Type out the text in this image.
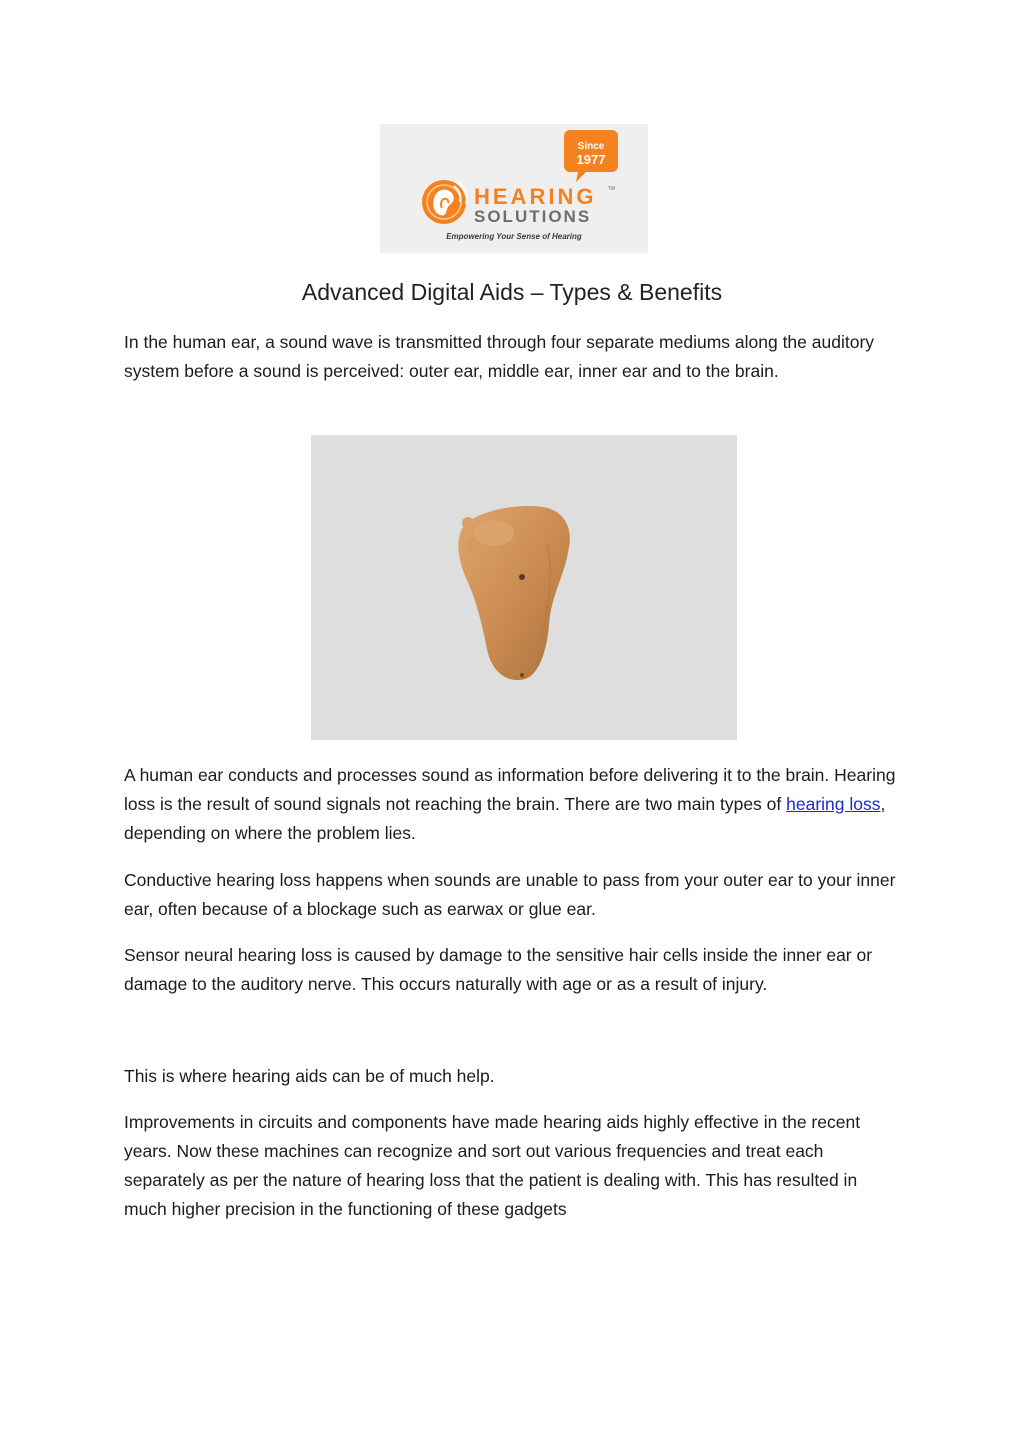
Since
1977
HEARING TM
SOLUTIONS
Empowering Your Sense of Hearing
Advanced Digital Aids – Types & Benefits

In the human ear, a sound wave is transmitted through four separate mediums along the auditory system before a sound is perceived: outer ear, middle ear, inner ear and to the brain.

A human ear conducts and processes sound as information before delivering it to the brain. Hearing loss is the result of sound signals not reaching the brain. There are two main types of hearing loss, depending on where the problem lies.

Conductive hearing loss happens when sounds are unable to pass from your outer ear to your inner ear, often because of a blockage such as earwax or glue ear.

Sensor neural hearing loss is caused by damage to the sensitive hair cells inside the inner ear or damage to the auditory nerve. This occurs naturally with age or as a result of injury.

This is where hearing aids can be of much help.

Improvements in circuits and components have made hearing aids highly effective in the recent years. Now these machines can recognize and sort out various frequencies and treat each separately as per the nature of hearing loss that the patient is dealing with. This has resulted in much higher precision in the functioning of these gadgets
